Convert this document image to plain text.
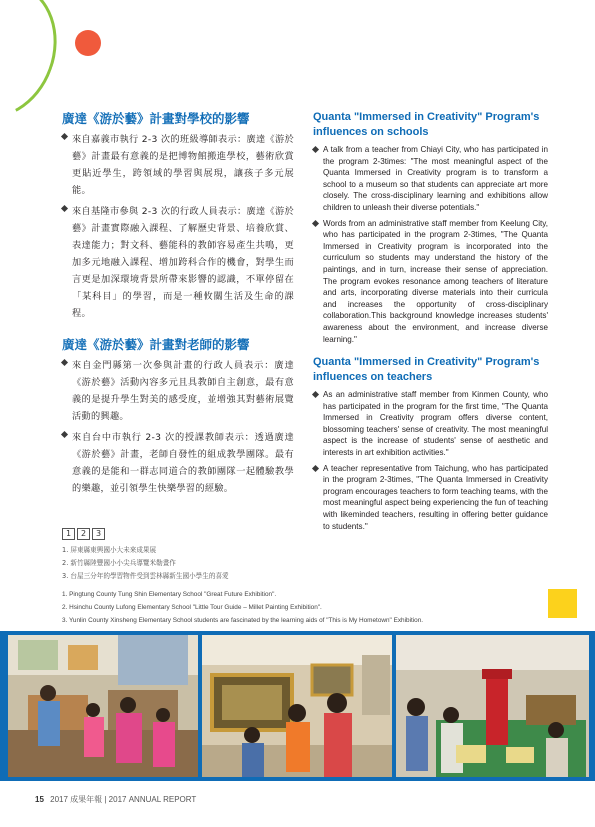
廣達《游於藝》計畫對學校的影響

來自嘉義市執行 2-3 次的班級導師表示：廣達《游於藝》計畫最有意義的是把博物館搬進學校，藝術欣賞更貼近學生，跨領域的學習與展現，讓孩子多元展能。

來自基隆市參與 2-3 次的行政人員表示：廣達《游於藝》計畫實際融入課程、了解歷史背景、培養欣賞、表達能力；對文科、藝能科的教師容易產生共鳴，更加多元地融入課程、增加跨科合作的機會，對學生而言更是加深環境背景所帶來影響的認識，不單停留在「某科目」的學習，而是一種攸關生活及生命的課程。

廣達《游於藝》計畫對老師的影響

來自金門縣第一次參與計畫的行政人員表示：廣達《游於藝》活動內容多元且具教師自主創意，最有意義的是提升學生對美的感受度，並增強其對藝術展覽活動的興趣。

來自台中市執行 2-3 次的授課教師表示：透過廣達《游於藝》計畫，老師自發性的組成教學團隊。最有意義的是能和一群志同道合的教師團隊一起體驗教學的樂趣，並引領學生快樂學習的經驗。

Quanta "Immersed in Creativity" Program's influences on schools

A talk from a teacher from Chiayi City, who has participated in the program 2-3times: "The most meaningful aspect of the Quanta Immersed in Creativity program is to transform a school to a museum so that students can appreciate art more closely. The cross-disciplinary learning and exhibitions allow children to unleash their diverse potentials."

Words from an administrative staff member from Keelung City, who has participated in the program 2-3times, "The Quanta Immersed in Creativity program is incorporated into the curriculum so students may understand the history of the paintings, and in turn, increase their sense of appreciation. The program evokes resonance among teachers of literature and arts, incorporating diverse materials into their curricula and increases the opportunity of cross-disciplinary collaboration.This background knowledge increases students' awareness about the environment, and increase diverse learning."

Quanta "Immersed in Creativity" Program's influences on teachers

As an administrative staff member from Kinmen County, who has participated in the program for the first time, "The Quanta Immersed in Creativity program offers diverse content, blossoming teachers' sense of creativity. The most meaningful aspect is the increase of students' sense of aesthetic and interests in art exhibition activities."

A teacher representative from Taichung, who has participated in the program 2-3times, "The Quanta Immersed in Creativity program encourages teachers to form teaching teams, with the most meaningful aspect being experiencing the fun of teaching with likeminded teachers, resulting in offering better guidance to students."

1	2	3
1. 屏東縣東興國小大未來成果展
2. 新竹縣陸豐國小小尖兵導覽米勒畫作
3. 台屋三分年的學習物件受到雲林縣新生國小學生的喜愛
1. Pingtung County Tung Shin Elementary School "Great Future Exhibition".
2. Hsinchu County Lufong Elementary School "Little Tour Guide – Millet Painting Exhibition".
3. Yunlin County Xinsheng Elementary School students are fascinated by the learning aids of "This is My Hometown" Exhibition.
15 2017 成果年報 | 2017 ANNUAL REPORT
